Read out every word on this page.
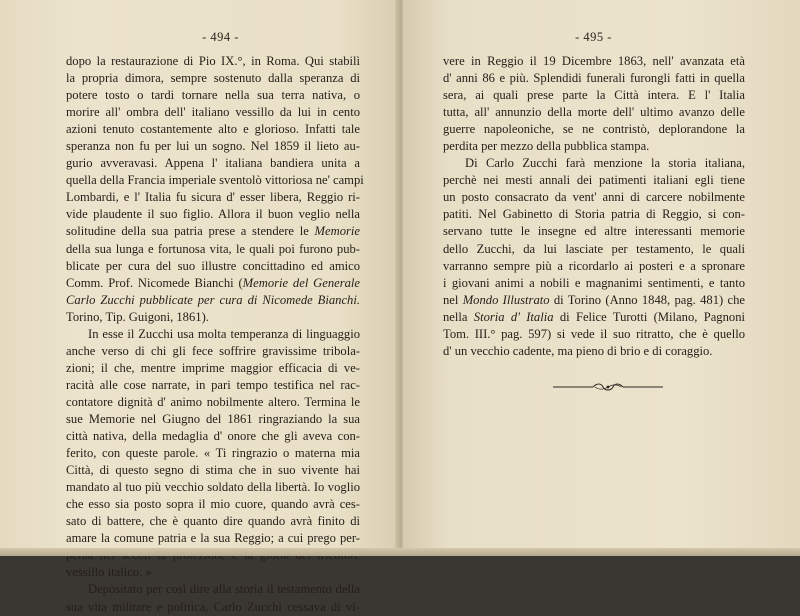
- 494 -
dopo la restaurazione di Pio IX.°, in Roma. Qui stabilì
la propria dimora, sempre sostenuto dalla speranza di
potere tosto o tardi tornare nella sua terra nativa, o
morire all' ombra dell' italiano vessillo da lui in cento
azioni tenuto costantemente alto e glorioso. Infatti tale
speranza non fu per lui un sogno. Nel 1859 il lieto au-
gurio avveravasi. Appena l' italiana bandiera unita a
quella della Francia imperiale sventolò vittoriosa ne' campi
Lombardi, e l' Italia fu sicura d' esser libera, Reggio ri-
vide plaudente il suo figlio. Allora il buon veglio nella
solitudine della sua patria prese a stendere le Memorie
della sua lunga e fortunosa vita, le quali poi furono pub-
blicate per cura del suo illustre concittadino ed amico
Comm. Prof. Nicomede Bianchi (Memorie del Generale
Carlo Zucchi pubblicate per cura di Nicomede Bianchi.
Torino, Tip. Guigoni, 1861).
In esse il Zucchi usa molta temperanza di linguaggio
anche verso di chi gli fece soffrire gravissime tribola-
zioni; il che, mentre imprime maggior efficacia di ve-
racità alle cose narrate, in pari tempo testifica nel rac-
contatore dignità d' animo nobilmente altero. Termina le
sue Memorie nel Giugno del 1861 ringraziando la sua
città nativa, della medaglia d' onore che gli aveva con-
ferito, con queste parole. « Ti ringrazio o materna mia
Città, di questo segno di stima che in suo vivente hai
mandato al tuo più vecchio soldato della libertà. Io voglio
che esso sia posto sopra il mio cuore, quando avrà ces-
sato di battere, che è quanto dire quando avrà finito di
amare la comune patria e la sua Reggio; a cui prego per-
vessillo italico. »
Depositato per così dire alla storia il testamento della
sua vita militare e politica, Carlo Zucchi cessava di vi-
- 495 -
vere in Reggio il 19 Dicembre 1863, nell' avanzata età
d' anni 86 e più. Splendidi funerali furongli fatti in quella
sera, ai quali prese parte la Città intera. E l' Italia
tutta, all' annunzio della morte dell' ultimo avanzo delle
guerre napoleoniche, se ne contristò, deplorandone la
perdita per mezzo della pubblica stampa.
Di Carlo Zucchi farà menzione la storia italiana,
perchè nei mesti annali dei patimenti italiani egli tiene
un posto consacrato da vent' anni di carcere nobilmente
patiti. Nel Gabinetto di Storia patria di Reggio, si con-
servano tutte le insegne ed altre interessanti memorie
dello Zucchi, da lui lasciate per testamento, le quali
varranno sempre più a ricordarlo ai posteri e a spronare
i giovani animi a nobili e magnanimi sentimenti, e tanto
nel Mondo Illustrato di Torino (Anno 1848, pag. 481) che
nella Storia d' Italia di Felice Turotti (Milano, Pagnoni
Tom. III.° pag. 597) si vede il suo ritratto, che è quello
d' un vecchio cadente, ma pieno di brio e di coraggio.
